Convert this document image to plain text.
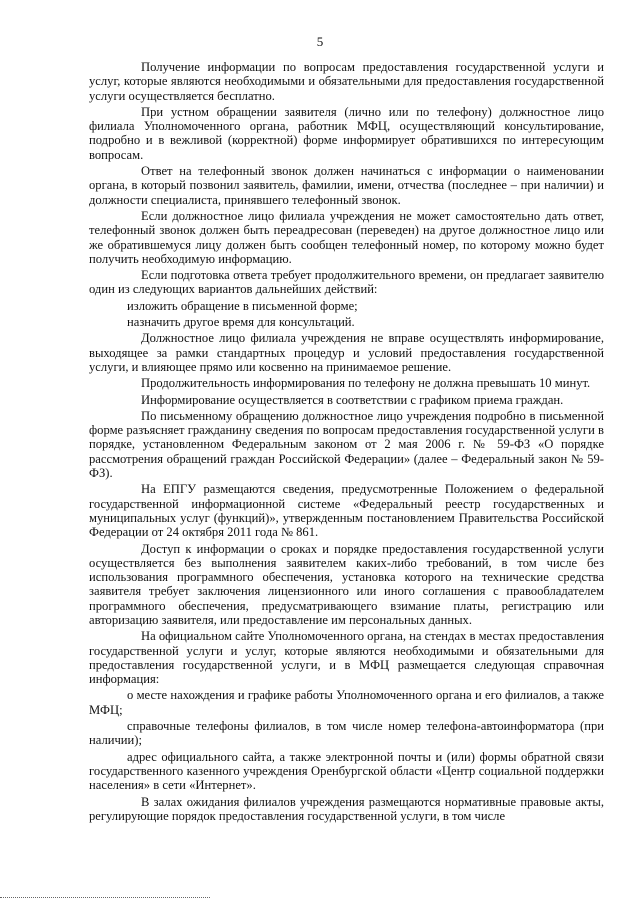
5

Получение информации по вопросам предоставления государственной услуги и услуг, которые являются необходимыми и обязательными для предоставления государственной услуги осуществляется бесплатно.

При устном обращении заявителя (лично или по телефону) должностное лицо филиала Уполномоченного органа, работник МФЦ, осуществляющий консультирование, подробно и в вежливой (корректной) форме информирует обратившихся по интересующим вопросам.

Ответ на телефонный звонок должен начинаться с информации о наименовании органа, в который позвонил заявитель, фамилии, имени, отчества (последнее – при наличии) и должности специалиста, принявшего телефонный звонок.

Если должностное лицо филиала учреждения не может самостоятельно дать ответ, телефонный звонок должен быть переадресован (переведен) на другое должностное лицо или же обратившемуся лицу должен быть сообщен телефонный номер, по которому можно будет получить необходимую информацию.

Если подготовка ответа требует продолжительного времени, он предлагает заявителю один из следующих вариантов дальнейших действий:

изложить обращение в письменной форме;

назначить другое время для консультаций.

Должностное лицо филиала учреждения не вправе осуществлять информирование, выходящее за рамки стандартных процедур и условий предоставления государственной услуги, и влияющее прямо или косвенно на принимаемое решение.

Продолжительность информирования по телефону не должна превышать 10 минут.

Информирование осуществляется в соответствии с графиком приема граждан.

По письменному обращению должностное лицо учреждения подробно в письменной форме разъясняет гражданину сведения по вопросам предоставления государственной услуги в порядке, установленном Федеральным законом от 2 мая 2006 г. № 59-ФЗ «О порядке рассмотрения обращений граждан Российской Федерации» (далее – Федеральный закон № 59-ФЗ).

На ЕПГУ размещаются сведения, предусмотренные Положением о федеральной государственной информационной системе «Федеральный реестр государственных и муниципальных услуг (функций)», утвержденным постановлением Правительства Российской Федерации от 24 октября 2011 года № 861.

Доступ к информации о сроках и порядке предоставления государственной услуги осуществляется без выполнения заявителем каких-либо требований, в том числе без использования программного обеспечения, установка которого на технические средства заявителя требует заключения лицензионного или иного соглашения с правообладателем программного обеспечения, предусматривающего взимание платы, регистрацию или авторизацию заявителя, или предоставление им персональных данных.

На официальном сайте Уполномоченного органа, на стендах в местах предоставления государственной услуги и услуг, которые являются необходимыми и обязательными для предоставления государственной услуги, и в МФЦ размещается следующая справочная информация:

о месте нахождения и графике работы Уполномоченного органа и его филиалов, а также МФЦ;

справочные телефоны филиалов, в том числе номер телефона-автоинформатора (при наличии);

адрес официального сайта, а также электронной почты и (или) формы обратной связи государственного казенного учреждения Оренбургской области «Центр социальной поддержки населения» в сети «Интернет».

В залах ожидания филиалов учреждения размещаются нормативные правовые акты, регулирующие порядок предоставления государственной услуги, в том числе
